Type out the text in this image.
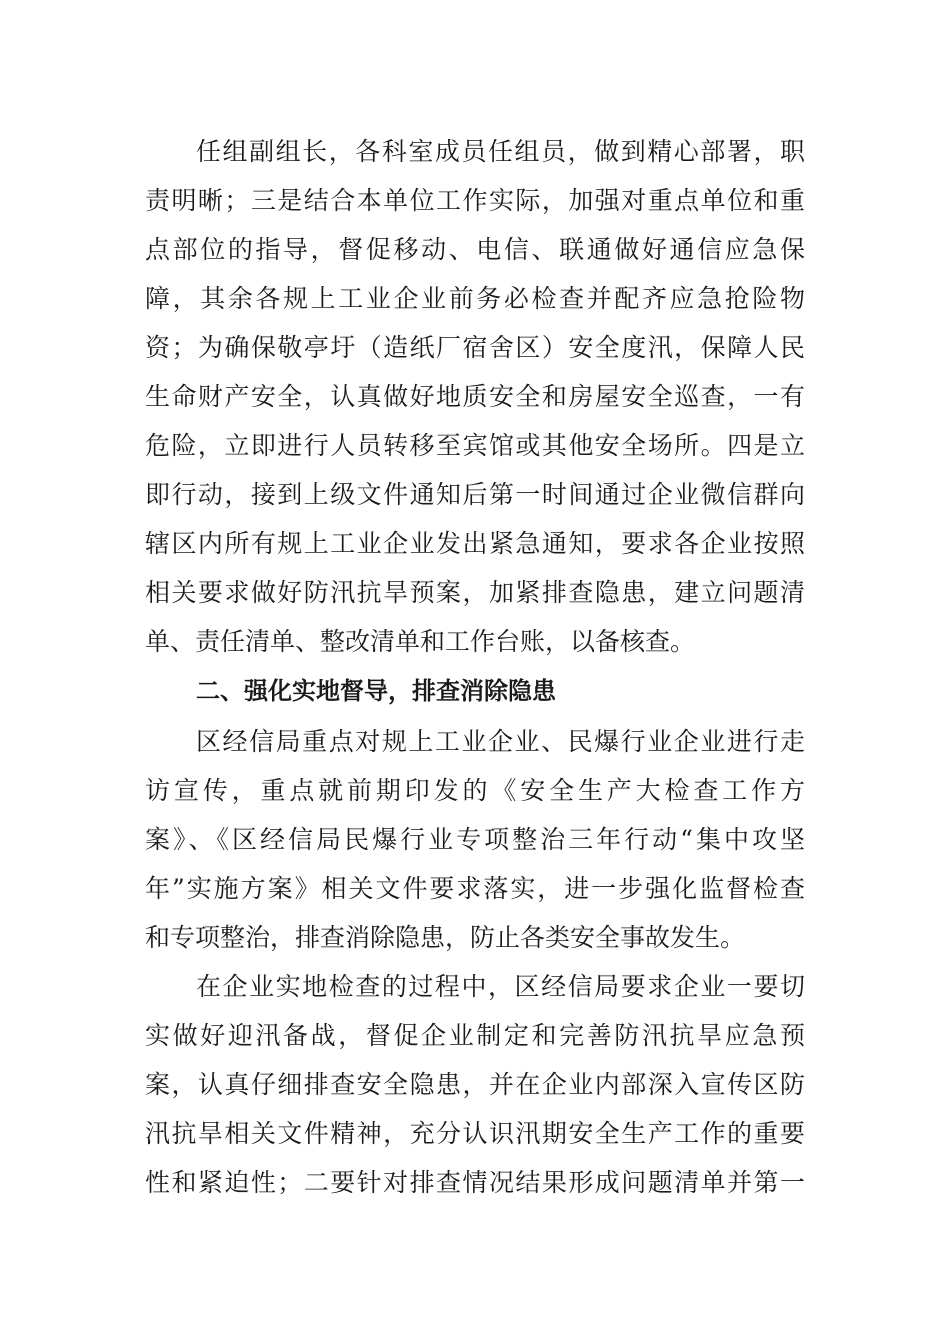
任组副组长，各科室成员任组员，做到精心部署，职
责明晰；三是结合本单位工作实际，加强对重点单位和重
点部位的指导，督促移动、电信、联通做好通信应急保
障，其余各规上工业企业前务必检查并配齐应急抢险物
资；为确保敬亭圩（造纸厂宿舍区）安全度汛，保障人民
生命财产安全，认真做好地质安全和房屋安全巡查，一有
危险，立即进行人员转移至宾馆或其他安全场所。四是立
即行动，接到上级文件通知后第一时间通过企业微信群向
辖区内所有规上工业企业发出紧急通知，要求各企业按照
相关要求做好防汛抗旱预案，加紧排查隐患，建立问题清
单、责任清单、整改清单和工作台账，以备核查。
二、强化实地督导，排查消除隐患
区经信局重点对规上工业企业、民爆行业企业进行走
访宣传，重点就前期印发的《安全生产大检查工作方
案》、《区经信局民爆行业专项整治三年行动“集中攻坚
年”实施方案》相关文件要求落实，进一步强化监督检查
和专项整治，排查消除隐患，防止各类安全事故发生。
在企业实地检查的过程中，区经信局要求企业一要切
实做好迎汛备战，督促企业制定和完善防汛抗旱应急预
案，认真仔细排查安全隐患，并在企业内部深入宣传区防
汛抗旱相关文件精神，充分认识汛期安全生产工作的重要
性和紧迫性；二要针对排查情况结果形成问题清单并第一
